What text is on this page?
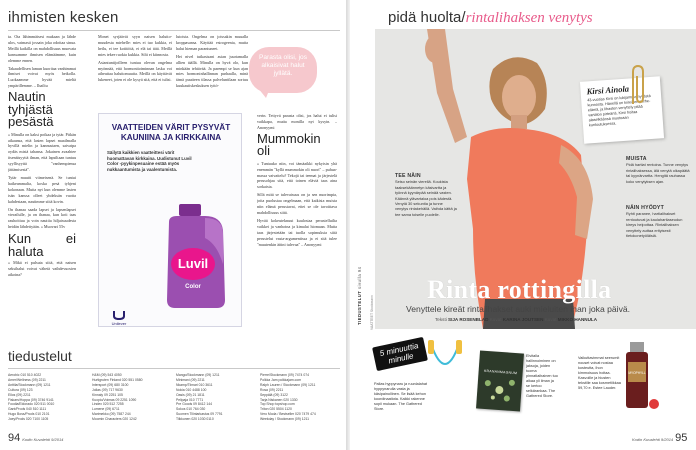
ihmisten kesken

ta. Ota lähimmäisesi mukaan ja lähde ulos, vaimasti jossain joka odottaa sinua. Meillä kaikilla on mahdollisuus muovata kanssamme ihmisen elämäämme, kuin olemme ennen.

Takaudellisen lamun kuoritaa vanhimmat ihmiset voivat myös heikolla. Luokaamme hyvää mieltä ympärillemme. – Ihailtu

Nautin tyhjästä pesästä

» Minulla on kaksi poikaa ja tytär. Pitkän aikaansa, että lasten lapset maailmalla hyvillä mielin ja kannustaen, saivatpa oydäs mistä tahansa. Jokainen avaahtee itsenäisyyttä ilman, että lapsiltaan tuntuu syyllisyyttä "vanhempiensa jättämisestä".

Tytär muutti viimeisenä. Se tuntui haikeammalta, koska pesä tyhjeni kokonaan. Mutta nyt kun olemme lasten isän kanssa olleet yhdeksän vuotta kahdestaan, nautimme siitä kovin.

On ihanaa saada lapset ja lapsenlapset vierailulle, ja on ihanaa, kun koti taas rauhoittuu ja voin nauttia hiljaisuudesta heidän lähdettyään. » Muovari 55v

Kun ei haluta

» Mikä ei pulsuta siitä, että naisen seksihalut voivat vähetä vaihdevuosien aikoina?

Monet syrjäävät syyn naisen haluttomuudesta miehelle: mies ei tuo kukkia, ei heilu, ei tee kotitöitä, ei elä tai tätä. Meillä mies tekee ruokia kukkia. Silti ei kiinnosta.

Asiantuntijoilleen tuntuu olevan ongelma myönnää, että hormonitoiminnan lasku voi aiheuttaa haluttomuutta. Meillä on käyttävät lukeneet, joten ei ole kysyä sitä, että ei tulisi.

lutoista. Ongelma on joissakin muualla kroppasansa. Käyttää estrogeenia, mutta halut hieman parantuneet.

Hei nivel tutkasisani asian juurtamalla allien täällä. Minulla on hyvä olo, kun minkään tehtävää. Ja parempi se kun ajan mies hormoninhallinnan parhaalla, minä tämä puutteen tilassa palveluntilaan sortuu kuukautiskeskuksen tyttö-

Parasta olisi, jos alkaisivat halut jyllätä.

verin. Tettyvä parasta olisi, jos halut ei tulisi vaikkapa, mutta monilla nyt kysyin. – Anonyymi

Mummokin oli

» Tuntuuko niin, voi tämäaikki nykyisin yhä enemmän "kyllä mummokin oli nuori" – puhuamassa vaivattelu? Tekojä tai teemat ja järjestelä perusohjaa sitä, että toinen eläviä taas aina sorkaista.

Sillä mitä se tulevaisuus on ja sen nuorimpia, joita puolustaa ongelmaan, että kaikista muista niin elämä perustavat, ettei se ole tavoittava mahdollisuus siitä.

Hyvää kokeuteknuut kuulostaa perustelluilta vaikkei ja vanhoina ja kimalat hiomaan. Mutta taas järjestetään tai tuolla sopimuksia siitä perustelut vasta-argumentissa ja ei sitä tulee "muutenkin äitini tulevaa" – Anonyymi

VAATTEIDEN VÄRIT PYSYVÄT KAUNIINA JA KIRKKAINA
Säilytä kaikkien vaatteittesi värit huomattavan kirkkaina. Uudistunut Luvil Color -pyykinpesuaine estää myös nukkaantumista ja vaalentumista.
Luvil
Color
Unilever
tiedustelut
Aerobic 010 510 4022
Amer/Wellness (09) 2211
Anttila/Stockmann (09) 1211
Cultura (09) 123
Ellos (09) 2211
Fiskars/Hoppa (09) 3746 9141
Foodia/Eldorado 020 511 0010
Gant/Prods 040 510 1111
Hugo Boss/Prods 010 2101
Joey/Prods 020 7100 1105
H&M (09) 543 4050
Hurtigruten Finland 020 551 0580
Intersport (09) 680 3100
Jollas (09) 717 9630
Kinnaly 09 2251 105
Kuopio/Voimas 09 2251 1090
Lindex 020 512 7255
Lumene (09) 6711
Marimekko (09) 7587 244
Moomin Characters 020 1242
Mango/Stockmann (09) 1211
Minimani (09) 2211
Nkamp/Tiimari 010 3611
Nokia 010 4488 100
Oasis (09) 21 1811
Pelipaja 010 7771
Pre Goods 09 8412 144
Sokos 010 764 030
Suomen Tilintarkastus 09 7791
Tilkkunen 020 1030 0110
Pierre/Stockmann (09) 7474 074
Polkka Jam polkkajam.com
Ralph Lauren / Stockmann (09) 1211
Rosa (09) 2211
Seppälä (09) 3122
Tarja Niskanen 020 1330
Top Shop topshop.com
Triton 020 5504 1120
Vero Moda / Bestseller 020 7479 474
Weekday / Stockmann (09) 1211
94 Kodin Kuvalehti 9/2014
pidä huolta/rintalihaksen venytys
Kirsi Ainola
43-vuotias Kirsi on lukijamme hyvästä kunnosta. Hänellä on kiireinen perhe-elämä, ja lihasten venyttely pitää vartalon pirteänä. Kirsi hoitaa alaselkäänsä muotoaan kuntoutuksessa.
TEE NÄIN
Seiso seinän vierellä. Koukista taaksekäännetyn käsivartta ja työnnä kyynärpää seinää vasten. Käännä ylävartaloa pois kädestä. Venytä 30 sekuntia ja tunne venytys rintakehällä. Vaihda kättä ja tee sama toiselle puolelle.
MUISTA
Pidä hartiat rentoina. Tunne venytys rintalihaksessa, älä venytä olkapäätä tai kyynärvartta. Hengitä rauhassa koko venytyksen ajan.
NÄIN HYÖDYT
Ryhti paranee, hartialihakset rentoutuvat ja kaulahartiaseudun kireys helpottaa. Rintalihaksen venyttely auttaa erityisesti tietokonetyöläisiä.
TIEDUSTELUT sivulla 94
VAATTEET Stockmann
Rinta rottingilla
Venyttele kireät rintalihakset auki mieluiten ihan joka päivä.
Teksti SIJA ROSENBLAD Kuvat KARINA JOUTSEN Kuvat MIKKO HANNULA
5 minuuttia minulle
Pallas hyppynaru ja ruunlalahat hyppynarulla vasta ja käsipainollinen. Se lisää kehon koordinaatiota. Kaikki rakenne sopii mukaan. The Gathered Store.
KRANANMAGNUM
Elvitalla hallinnoiminen on jaksoja, joiden tuoma pinnatlaihainen tuo aikaa yli ilman ja se kertoo selkärankaa. The Gathered Store.
MYOPHYLL
Vaikuttavimmat seerumit nouset voivat nostaa kosteutta, ihon kimmoisuus hoitaa. Kasvoille ja hiusten tekstille saa kosmetiikkaa 59,70 e. Estee Lauder.
Kodin Kuvalehti 9/2014 95
